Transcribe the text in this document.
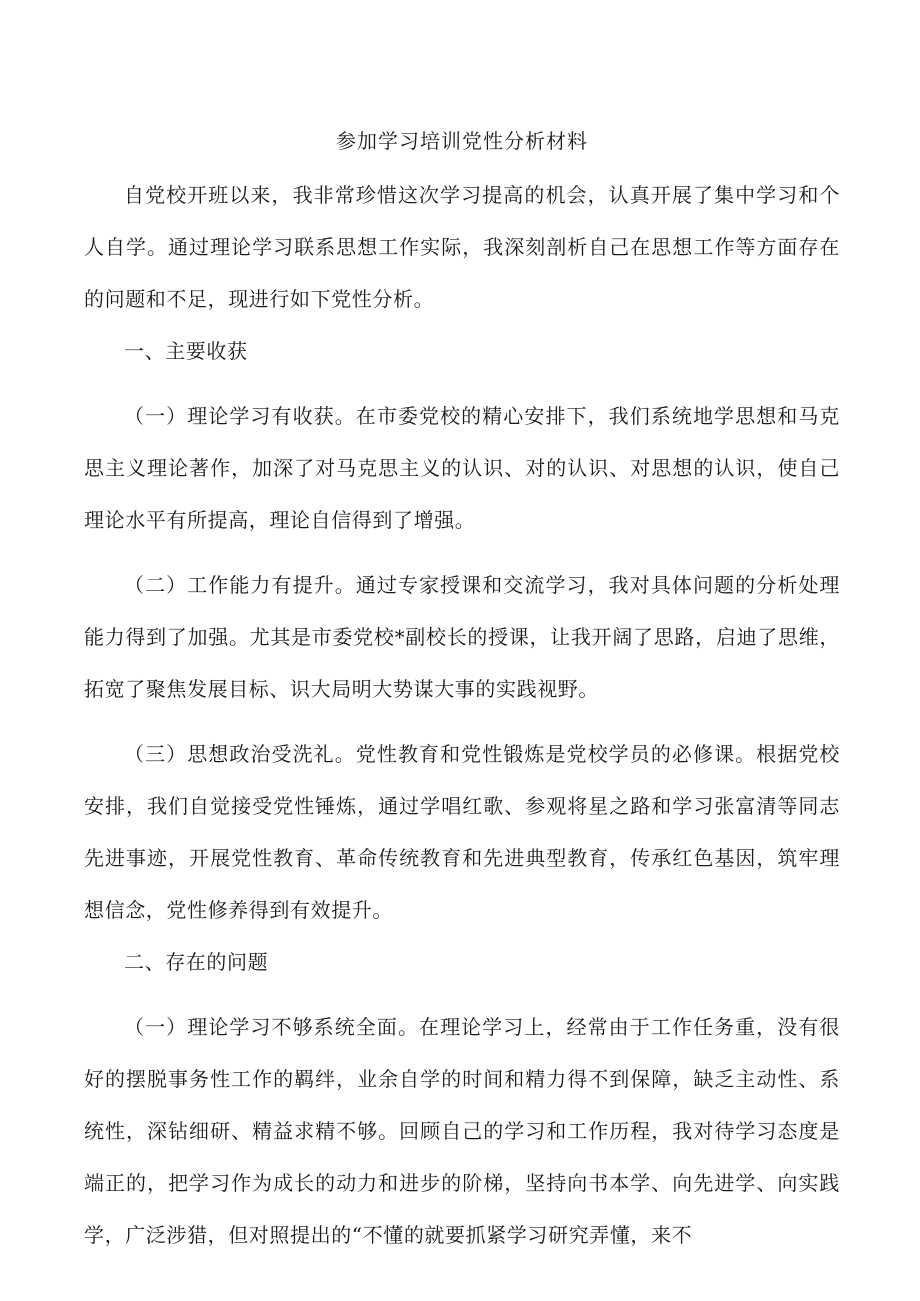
参加学习培训党性分析材料

自党校开班以来，我非常珍惜这次学习提高的机会，认真开展了集中学习和个人自学。通过理论学习联系思想工作实际，我深刻剖析自己在思想工作等方面存在的问题和不足，现进行如下党性分析。

一、主要收获

（一）理论学习有收获。在市委党校的精心安排下，我们系统地学思想和马克思主义理论著作，加深了对马克思主义的认识、对的认识、对思想的认识，使自己理论水平有所提高，理论自信得到了增强。

（二）工作能力有提升。通过专家授课和交流学习，我对具体问题的分析处理能力得到了加强。尤其是市委党校*副校长的授课，让我开阔了思路，启迪了思维，拓宽了聚焦发展目标、识大局明大势谋大事的实践视野。

（三）思想政治受洗礼。党性教育和党性锻炼是党校学员的必修课。根据党校安排，我们自觉接受党性锤炼，通过学唱红歌、参观将星之路和学习张富清等同志先进事迹，开展党性教育、革命传统教育和先进典型教育，传承红色基因，筑牢理想信念，党性修养得到有效提升。

二、存在的问题

（一）理论学习不够系统全面。在理论学习上，经常由于工作任务重，没有很好的摆脱事务性工作的羁绊，业余自学的时间和精力得不到保障，缺乏主动性、系统性，深钻细研、精益求精不够。回顾自己的学习和工作历程，我对待学习态度是端正的，把学习作为成长的动力和进步的阶梯，坚持向书本学、向先进学、向实践学，广泛涉猎，但对照提出的“不懂的就要抓紧学习研究弄懂，来不
